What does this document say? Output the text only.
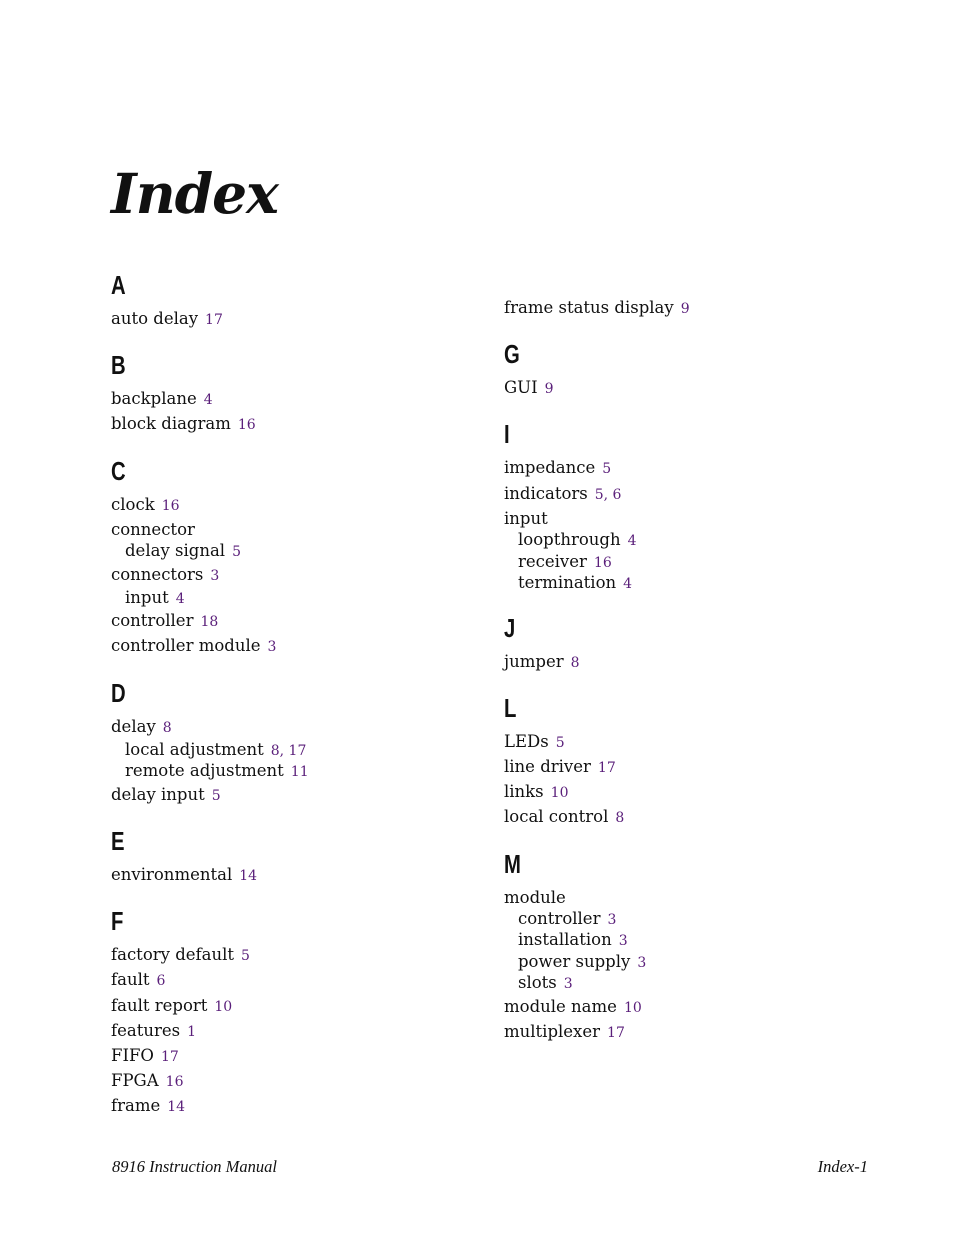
Index
A
auto delay 17
B
backplane 4
block diagram 16
C
clock 16
connector
delay signal 5
connectors 3
input 4
controller 18
controller module 3
D
delay 8
local adjustment 8, 17
remote adjustment 11
delay input 5
E
environmental 14
F
factory default 5
fault 6
fault report 10
features 1
FIFO 17
FPGA 16
frame 14
frame status display 9
G
GUI 9
I
impedance 5
indicators 5, 6
input
loopthrough 4
receiver 16
termination 4
J
jumper 8
L
LEDs 5
line driver 17
links 10
local control 8
M
module
controller 3
installation 3
power supply 3
slots 3
module name 10
multiplexer 17
8916 Instruction Manual	Index-1
